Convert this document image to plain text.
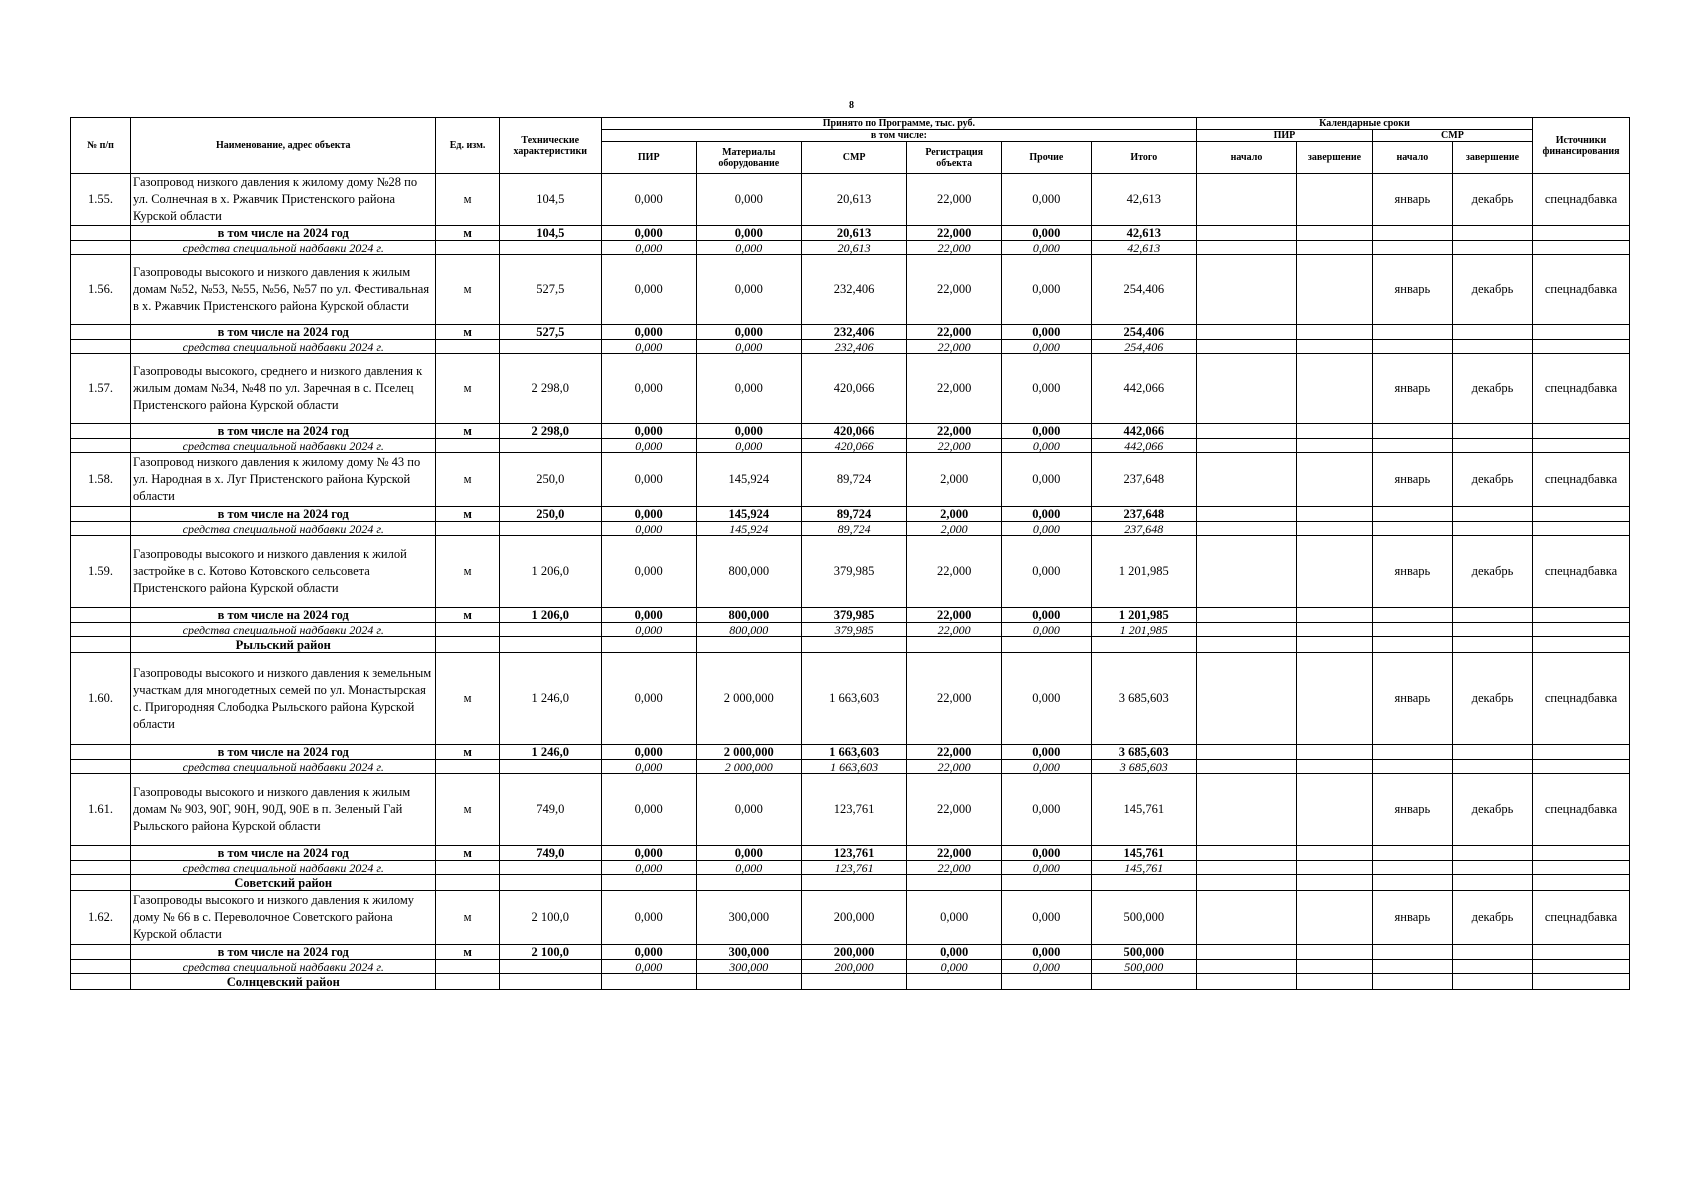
8
№ п/п	Наименование, адрес объекта	Ед. изм.	Технические характеристики	Принято по Программе, тыс. руб.						Календарные сроки				Источники финансирования
				в том числе:						ПИР		СМР		
				ПИР	Материалы оборудование	СМР	Регистрация объекта	Прочие	Итого	начало	завершение	начало	завершение	
1.55.	Газопровод низкого давления к жилому дому №28 по ул. Солнечная в х. Ржавчик Пристенского района Курской области	м	104,5	0,000	0,000	20,613	22,000	0,000	42,613			январь	декабрь	спецнадбавка
	в том числе на 2024 год	м	104,5	0,000	0,000	20,613	22,000	0,000	42,613					
	средства специальной надбавки 2024 г.			0,000	0,000	20,613	22,000	0,000	42,613					
1.56.	Газопроводы высокого и низкого давления к жилым домам №52, №53, №55, №56, №57 по ул. Фестивальная в х. Ржавчик Пристенского района Курской области	м	527,5	0,000	0,000	232,406	22,000	0,000	254,406			январь	декабрь	спецнадбавка
	в том числе на 2024 год	м	527,5	0,000	0,000	232,406	22,000	0,000	254,406					
	средства специальной надбавки 2024 г.			0,000	0,000	232,406	22,000	0,000	254,406					
1.57.	Газопроводы высокого, среднего и низкого давления к жилым домам №34, №48 по ул. Заречная в с. Пселец Пристенского района Курской области	м	2 298,0	0,000	0,000	420,066	22,000	0,000	442,066			январь	декабрь	спецнадбавка
	в том числе на 2024 год	м	2 298,0	0,000	0,000	420,066	22,000	0,000	442,066					
	средства специальной надбавки 2024 г.			0,000	0,000	420,066	22,000	0,000	442,066					
1.58.	Газопровод низкого давления к жилому дому № 43 по ул. Народная в х. Луг Пристенского района Курской области	м	250,0	0,000	145,924	89,724	2,000	0,000	237,648			январь	декабрь	спецнадбавка
	в том числе на 2024 год	м	250,0	0,000	145,924	89,724	2,000	0,000	237,648					
	средства специальной надбавки 2024 г.			0,000	145,924	89,724	2,000	0,000	237,648					
1.59.	Газопроводы высокого и низкого давления к жилой застройке в с. Котово Котовского сельсовета Пристенского района Курской области	м	1 206,0	0,000	800,000	379,985	22,000	0,000	1 201,985			январь	декабрь	спецнадбавка
	в том числе на 2024 год	м	1 206,0	0,000	800,000	379,985	22,000	0,000	1 201,985					
	средства специальной надбавки 2024 г.			0,000	800,000	379,985	22,000	0,000	1 201,985					
	Рыльский район													
1.60.	Газопроводы высокого и низкого давления к земельным участкам для многодетных семей по ул. Монастырская с. Пригородняя Слободка Рыльского района Курской области	м	1 246,0	0,000	2 000,000	1 663,603	22,000	0,000	3 685,603			январь	декабрь	спецнадбавка
	в том числе на 2024 год	м	1 246,0	0,000	2 000,000	1 663,603	22,000	0,000	3 685,603					
	средства специальной надбавки 2024 г.			0,000	2 000,000	1 663,603	22,000	0,000	3 685,603					
1.61.	Газопроводы высокого и низкого давления к жилым домам № 903, 90Г, 90Н, 90Д, 90Е в п. Зеленый Гай Рыльского района Курской области	м	749,0	0,000	0,000	123,761	22,000	0,000	145,761			январь	декабрь	спецнадбавка
	в том числе на 2024 год	м	749,0	0,000	0,000	123,761	22,000	0,000	145,761					
	средства специальной надбавки 2024 г.			0,000	0,000	123,761	22,000	0,000	145,761					
	Советский район													
1.62.	Газопроводы высокого и низкого давления к жилому дому № 66 в с. Переволочное Советского района Курской области	м	2 100,0	0,000	300,000	200,000	0,000	0,000	500,000			январь	декабрь	спецнадбавка
	в том числе на 2024 год	м	2 100,0	0,000	300,000	200,000	0,000	0,000	500,000					
	средства специальной надбавки 2024 г.			0,000	300,000	200,000	0,000	0,000	500,000					
	Солнцевский район													
